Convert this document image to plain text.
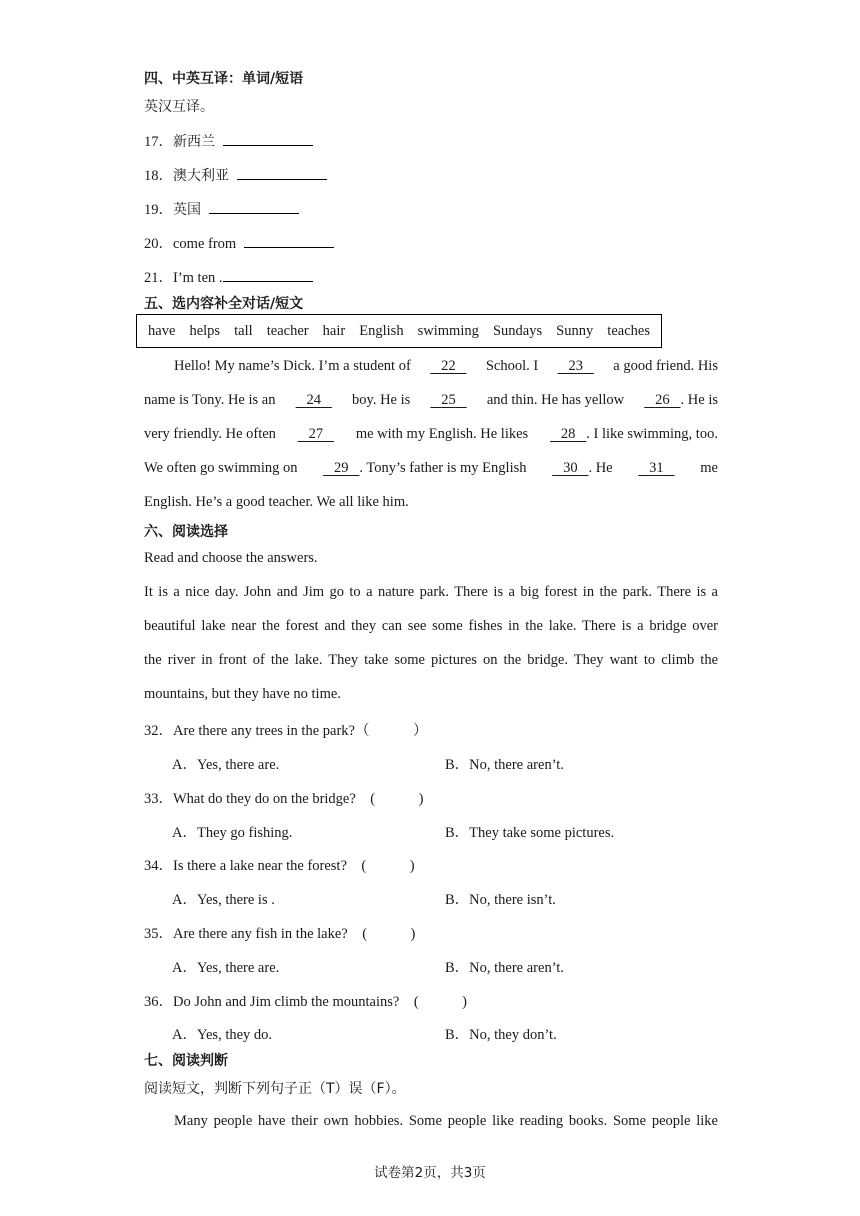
四、中英互译：单词/短语
英汉互译。
17．新西兰
18．澳大利亚
19．英国
20．come from
21．I’m ten .
五、选内容补全对话/短文
have helps tall teacher hair English swimming Sundays Sunny teaches
Hello! My name’s Dick. I’m a student of	22	School. I	23	a good friend. His
name is Tony. He is an	24	boy. He is	25	and thin. He has yellow	26 . He is
very friendly. He often	27	me with my English. He likes	28 . I like swimming, too.
We often go swimming on	29 . Tony’s father is my English	30 . He	31	me
English. He’s a good teacher. We all like him.
六、阅读选择
Read and choose the answers.
It is a nice day. John and Jim go to a nature park. There is a big forest in the park. There is a
beautiful lake near the forest and they can see some fishes in the lake. There is a bridge over
the river in front of the lake. They take some pictures on the bridge. They want to climb the
mountains, but they have no time.
32．Are there any trees in the park?（　　　）
A．Yes, there are.	B．No, there aren’t.
33．What do they do on the bridge?　(　　　)
A．They go fishing.	B．They take some pictures.
34．Is there a lake near the forest?　(　　　)
A．Yes, there is .	B．No, there isn’t.
35．Are there any fish in the lake?　(　　　)
A．Yes, there are.	B．No, there aren’t.
36．Do John and Jim climb the mountains?　(　　　)
A．Yes, they do.	B．No, they don’t.
七、阅读判断
阅读短文，判断下列句子正（T）误（F）。
Many people have their own hobbies. Some people like reading books. Some people like
试卷第2页，共3页
